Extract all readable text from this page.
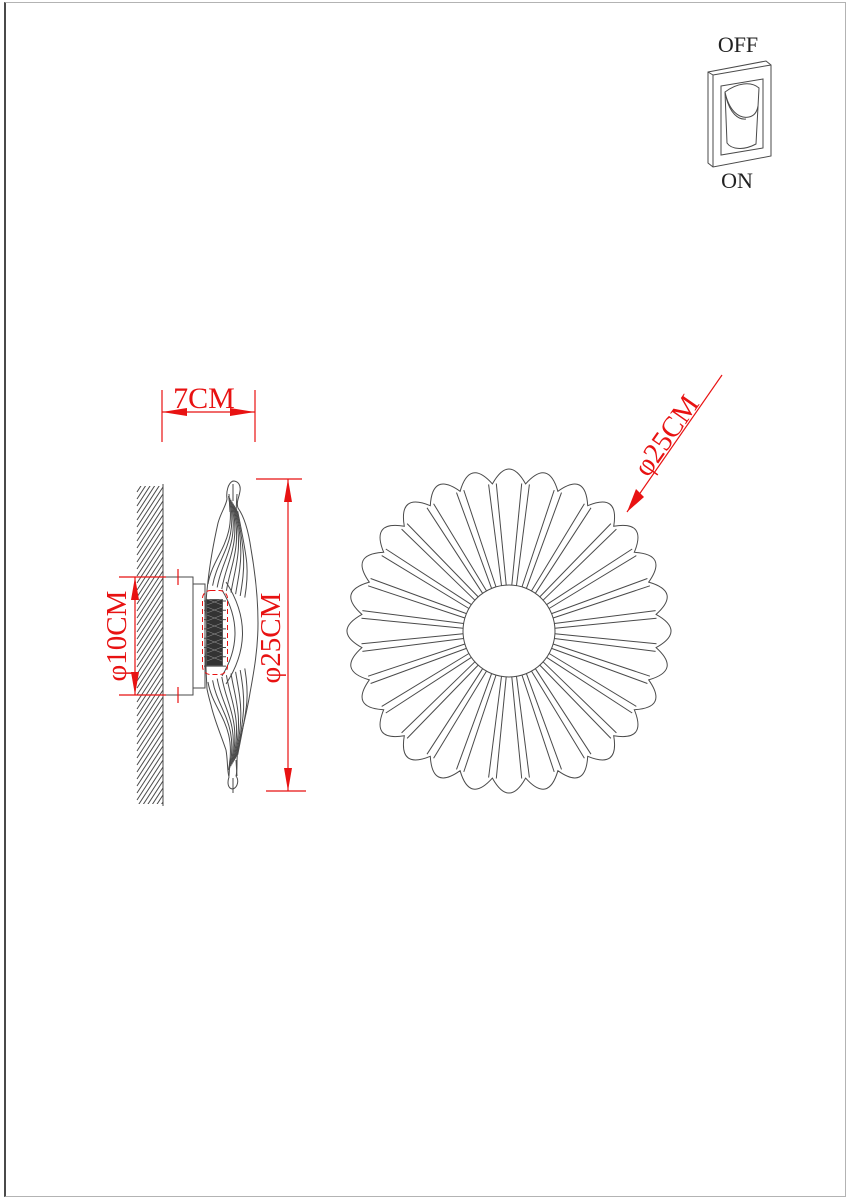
OFF
ON
7CM
φ10CM	φ25CM
φ25CM
